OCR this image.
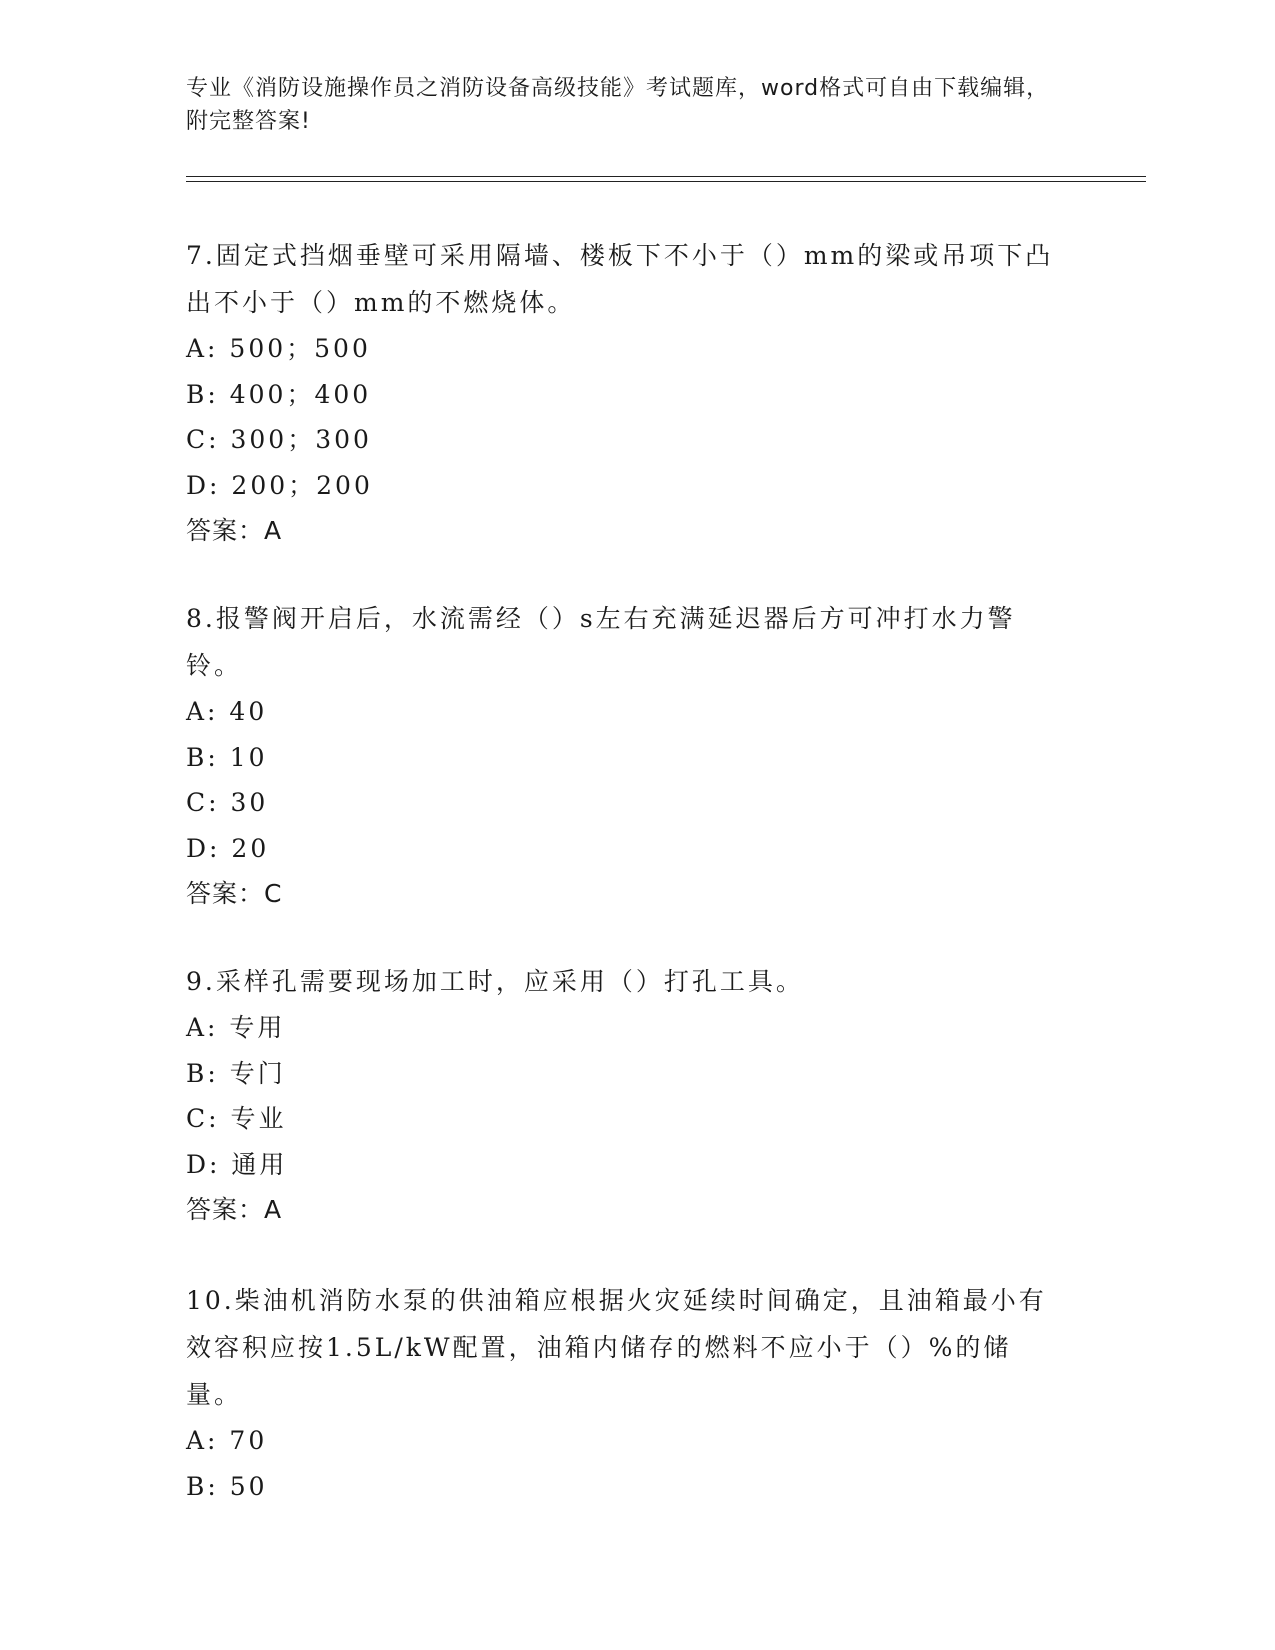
专业《消防设施操作员之消防设备高级技能》考试题库，word格式可自由下载编辑，附完整答案!
7.固定式挡烟垂壁可采用隔墙、楼板下不小于（）mm的梁或吊项下凸出不小于（）mm的不燃烧体。
A: 500；500
B: 400；400
C: 300；300
D: 200；200
答案：A
8.报警阀开启后，水流需经（）s左右充满延迟器后方可冲打水力警铃。
A: 40
B: 10
C: 30
D: 20
答案：C
9.采样孔需要现场加工时，应采用（）打孔工具。
A: 专用
B: 专门
C: 专业
D: 通用
答案：A
10.柴油机消防水泵的供油箱应根据火灾延续时间确定，且油箱最小有效容积应按1.5L/kW配置，油箱内储存的燃料不应小于（）%的储量。
A: 70
B: 50
